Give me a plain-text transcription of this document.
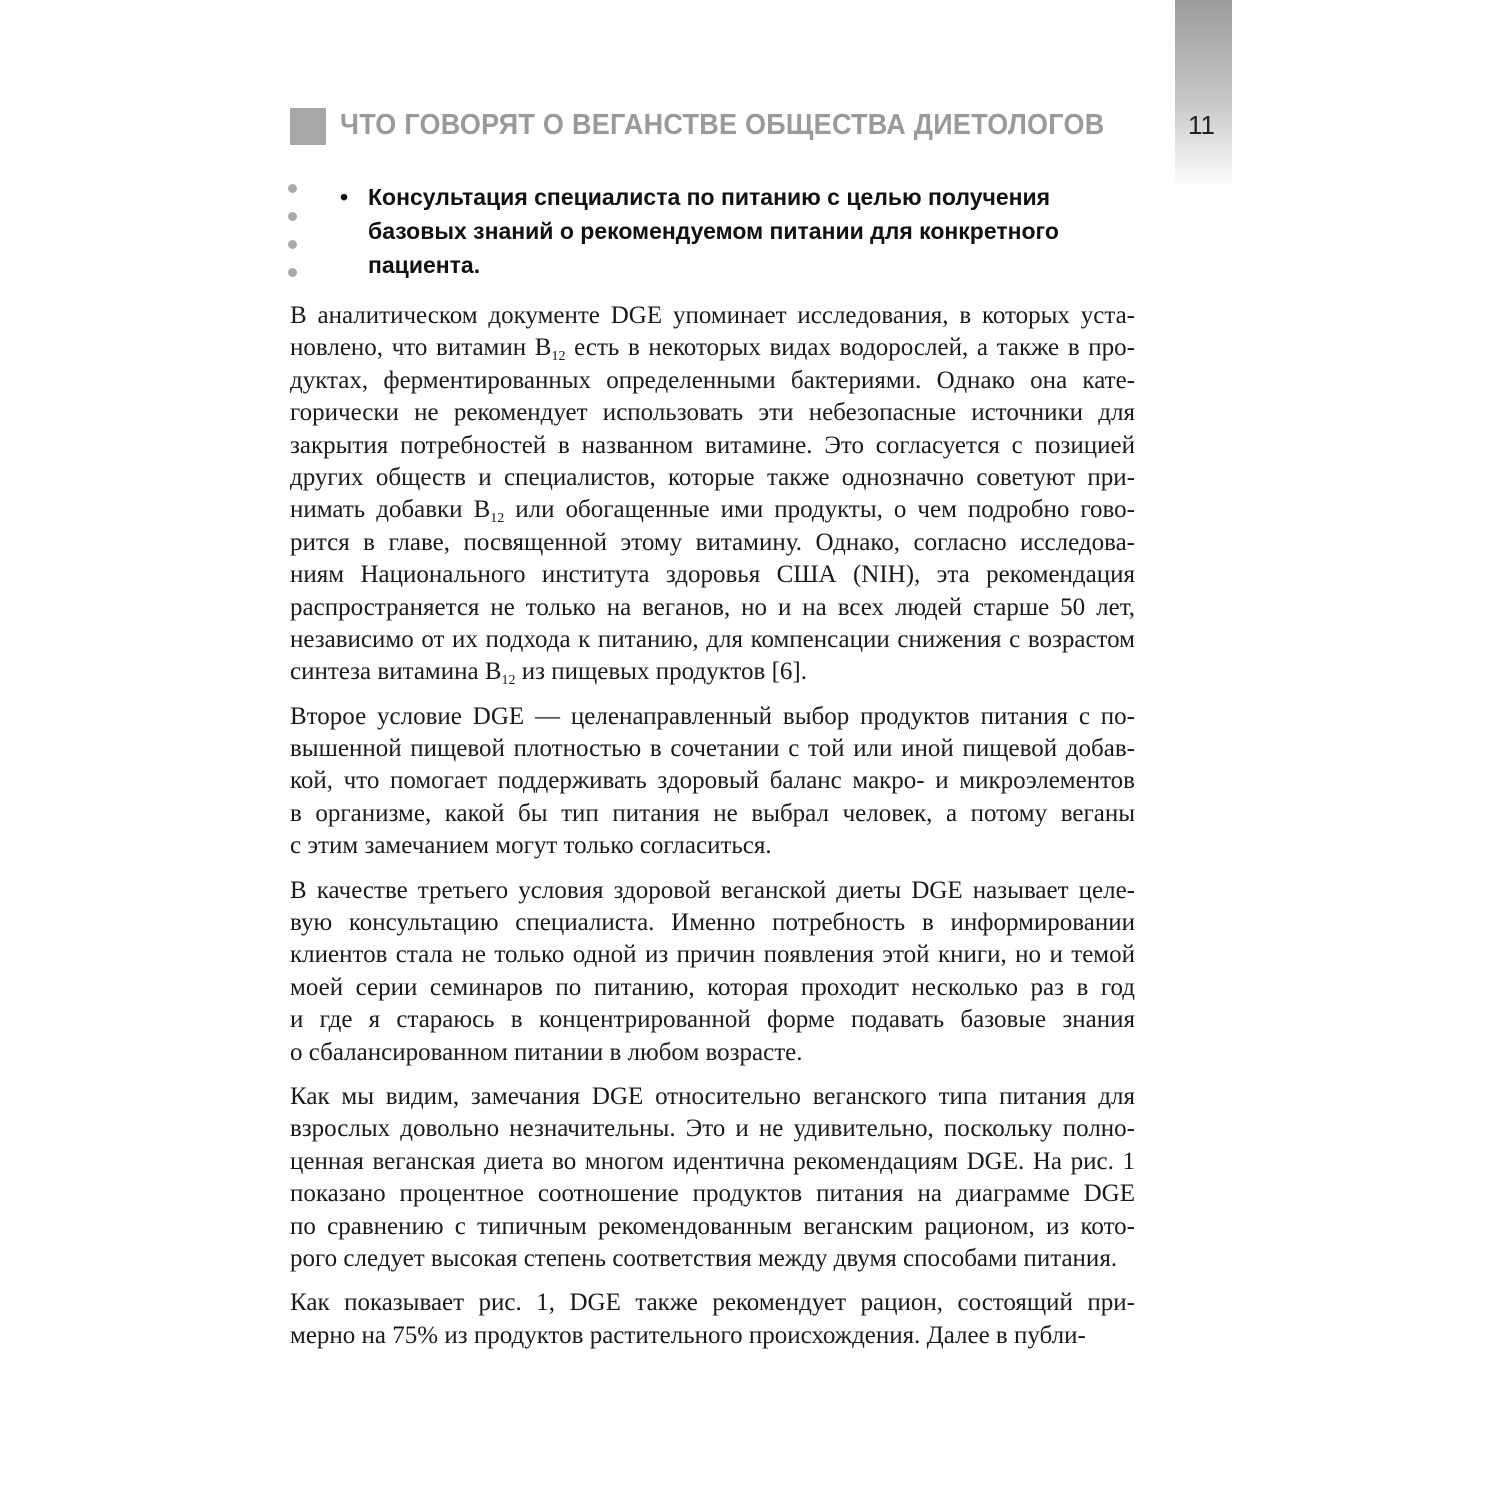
11
ЧТО ГОВОРЯТ О ВЕГАНСТВЕ ОБЩЕСТВА ДИЕТОЛОГОВ
• Консультация специалиста по питанию с целью получения
базовых знаний о рекомендуемом питании для конкретного
пациента.
В аналитическом документе DGE упоминает исследования, в которых уста-
новлено, что витамин $B_{12}$ есть в некоторых видах водорослей, а также в про-
дуктах, ферментированных определенными бактериями. Однако она кате-
горически не рекомендует использовать эти небезопасные источники для
закрытия потребностей в названном витамине. Это согласуется с позицией
других обществ и специалистов, которые также однозначно советуют при-
нимать добавки $B_{12}$ или обогащенные ими продукты, о чем подробно гово-
рится в главе, посвященной этому витамину. Однако, согласно исследова-
ниям Национального института здоровья США (NIH), эта рекомендация
распространяется не только на веганов, но и на всех людей старше 50 лет,
независимо от их подхода к питанию, для компенсации снижения с возрастом
синтеза витамина $B_{12}$ из пищевых продуктов [6].
Второе условие DGE — целенаправленный выбор продуктов питания с по-
вышенной пищевой плотностью в сочетании с той или иной пищевой добав-
кой, что помогает поддерживать здоровый баланс макро- и микроэлементов
в организме, какой бы тип питания не выбрал человек, а потому веганы
с этим замечанием могут только согласиться.
В качестве третьего условия здоровой веганской диеты DGE называет целе-
вую консультацию специалиста. Именно потребность в информировании
клиентов стала не только одной из причин появления этой книги, но и темой
моей серии семинаров по питанию, которая проходит несколько раз в год
и где я стараюсь в концентрированной форме подавать базовые знания
о сбалансированном питании в любом возрасте.
Как мы видим, замечания DGE относительно веганского типа питания для
взрослых довольно незначительны. Это и не удивительно, поскольку полно-
ценная веганская диета во многом идентична рекомендациям DGE. На рис. 1
показано процентное соотношение продуктов питания на диаграмме DGE
по сравнению с типичным рекомендованным веганским рационом, из кото-
рого следует высокая степень соответствия между двумя способами питания.
Как показывает рис. 1, DGE также рекомендует рацион, состоящий при-
мерно на 75% из продуктов растительного происхождения. Далее в публи-
